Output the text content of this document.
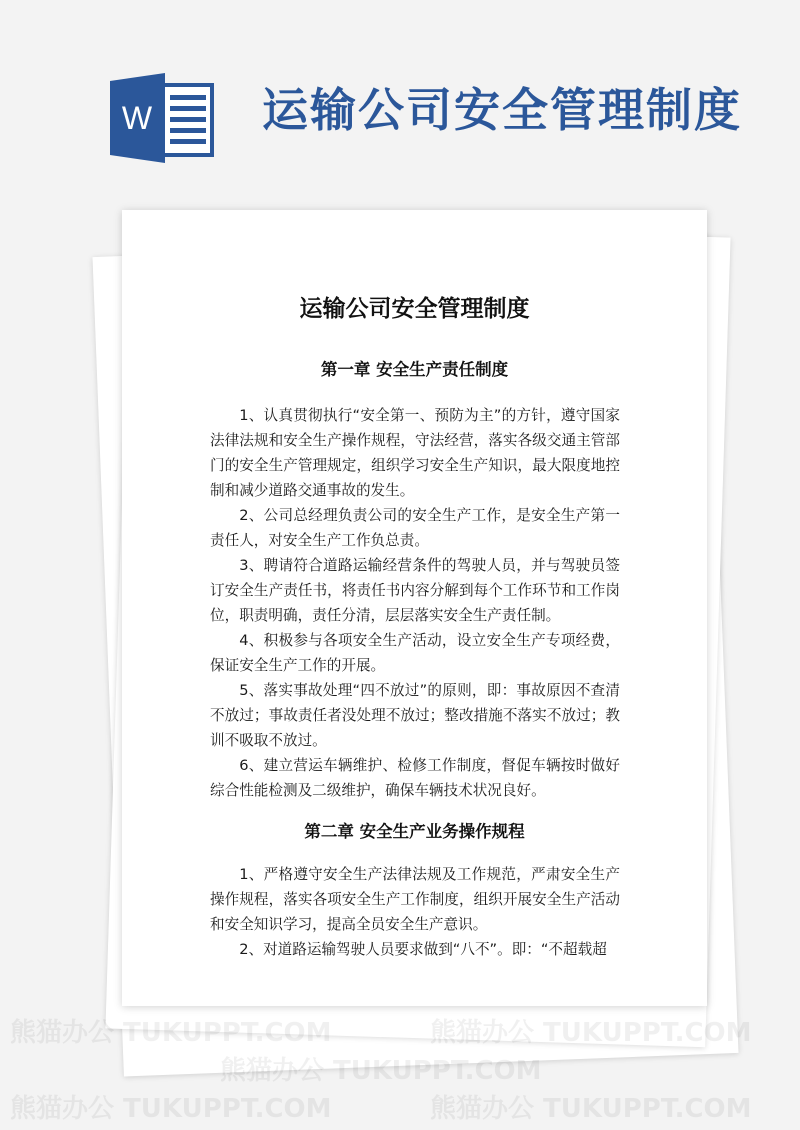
W 运输公司安全管理制度
运输公司安全管理制度
第一章 安全生产责任制度

1、认真贯彻执行“安全第一、预防为主”的方针，遵守国家法律法规和安全生产操作规程，守法经营，落实各级交通主管部门的安全生产管理规定，组织学习安全生产知识，最大限度地控制和减少道路交通事故的发生。

2、公司总经理负责公司的安全生产工作，是安全生产第一责任人，对安全生产工作负总责。

3、聘请符合道路运输经营条件的驾驶人员，并与驾驶员签订安全生产责任书，将责任书内容分解到每个工作环节和工作岗位，职责明确，责任分清，层层落实安全生产责任制。

4、积极参与各项安全生产活动，设立安全生产专项经费，保证安全生产工作的开展。

5、落实事故处理“四不放过”的原则，即：事故原因不查清不放过；事故责任者没处理不放过；整改措施不落实不放过；教训不吸取不放过。

6、建立营运车辆维护、检修工作制度，督促车辆按时做好综合性能检测及二级维护，确保车辆技术状况良好。

第二章 安全生产业务操作规程

1、严格遵守安全生产法律法规及工作规范，严肃安全生产操作规程，落实各项安全生产工作制度，组织开展安全生产活动和安全知识学习，提高全员安全生产意识。

2、对道路运输驾驶人员要求做到“八不”。即：“不超载超

熊猫办公
熊猫办公 TUKUPPT.COM
熊猫办公 TUKUPPT.COM	熊猫办公 TUKUPPT.COM
